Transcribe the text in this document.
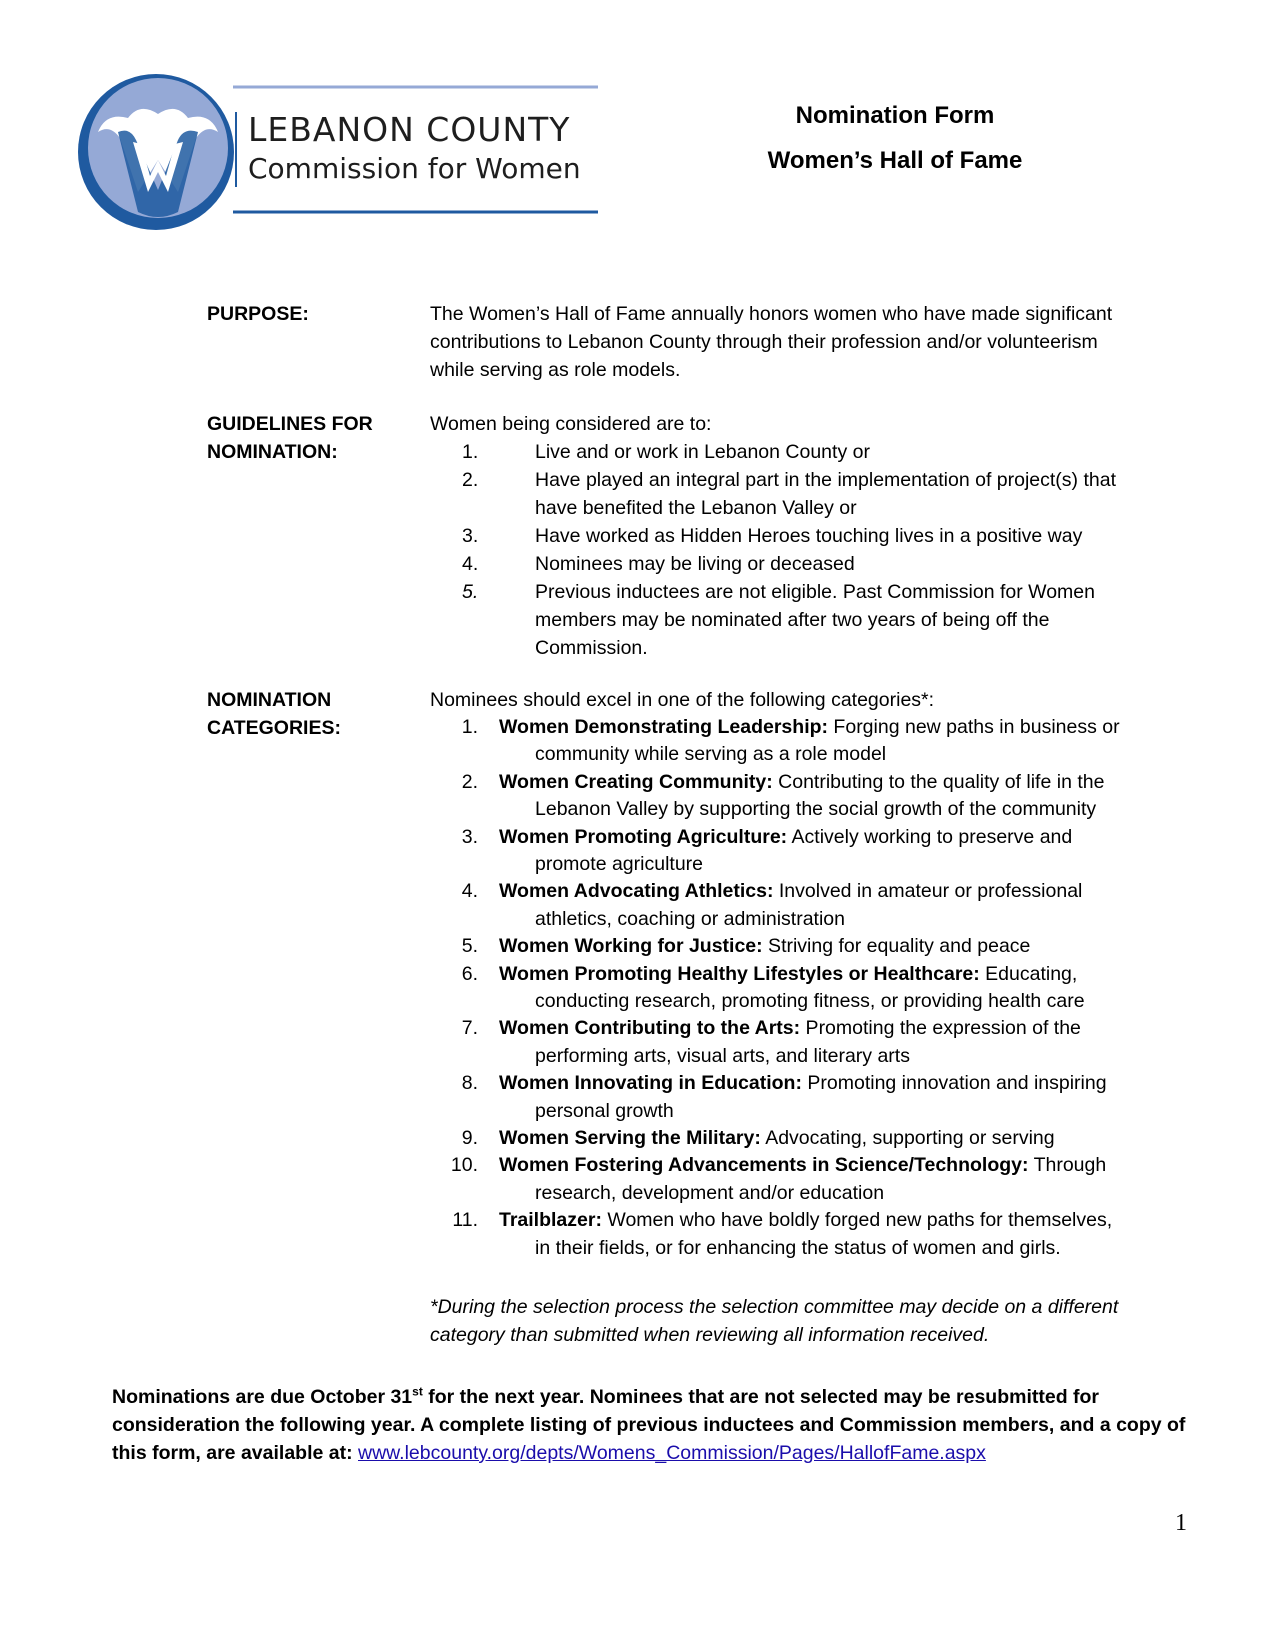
LEBANON COUNTY
Commission for Women
Nomination Form
Women’s Hall of Fame
PURPOSE:	The Women’s Hall of Fame annually honors women who have made significant
contributions to Lebanon County through their profession and/or volunteerism
while serving as role models.
GUIDELINES FOR
NOMINATION:
Women being considered are to:
1.	Live and or work in Lebanon County or
2.	Have played an integral part in the implementation of project(s) that
have benefited the Lebanon Valley or
3.	Have worked as Hidden Heroes touching lives in a positive way
4.	Nominees may be living or deceased
5.	Previous inductees are not eligible. Past Commission for Women
members may be nominated after two years of being off the
Commission.
NOMINATION
CATEGORIES:
Nominees should excel in one of the following categories*:
1. Women Demonstrating Leadership: Forging new paths in business or
community while serving as a role model
2. Women Creating Community: Contributing to the quality of life in the
Lebanon Valley by supporting the social growth of the community
3. Women Promoting Agriculture: Actively working to preserve and
promote agriculture
4. Women Advocating Athletics: Involved in amateur or professional
athletics, coaching or administration
5. Women Working for Justice: Striving for equality and peace
6. Women Promoting Healthy Lifestyles or Healthcare: Educating,
conducting research, promoting fitness, or providing health care
7. Women Contributing to the Arts: Promoting the expression of the
performing arts, visual arts, and literary arts
8. Women Innovating in Education: Promoting innovation and inspiring
personal growth
9. Women Serving the Military: Advocating, supporting or serving
10. Women Fostering Advancements in Science/Technology: Through
research, development and/or education
11. Trailblazer: Women who have boldly forged new paths for themselves,
in their fields, or for enhancing the status of women and girls.
*During the selection process the selection committee may decide on a different
category than submitted when reviewing all information received.
Nominations are due October 31st for the next year. Nominees that are not selected may be resubmitted for consideration the following year. A complete listing of previous inductees and Commission members, and a copy of this form, are available at: www.lebcounty.org/depts/Womens_Commission/Pages/HallofFame.aspx
1
